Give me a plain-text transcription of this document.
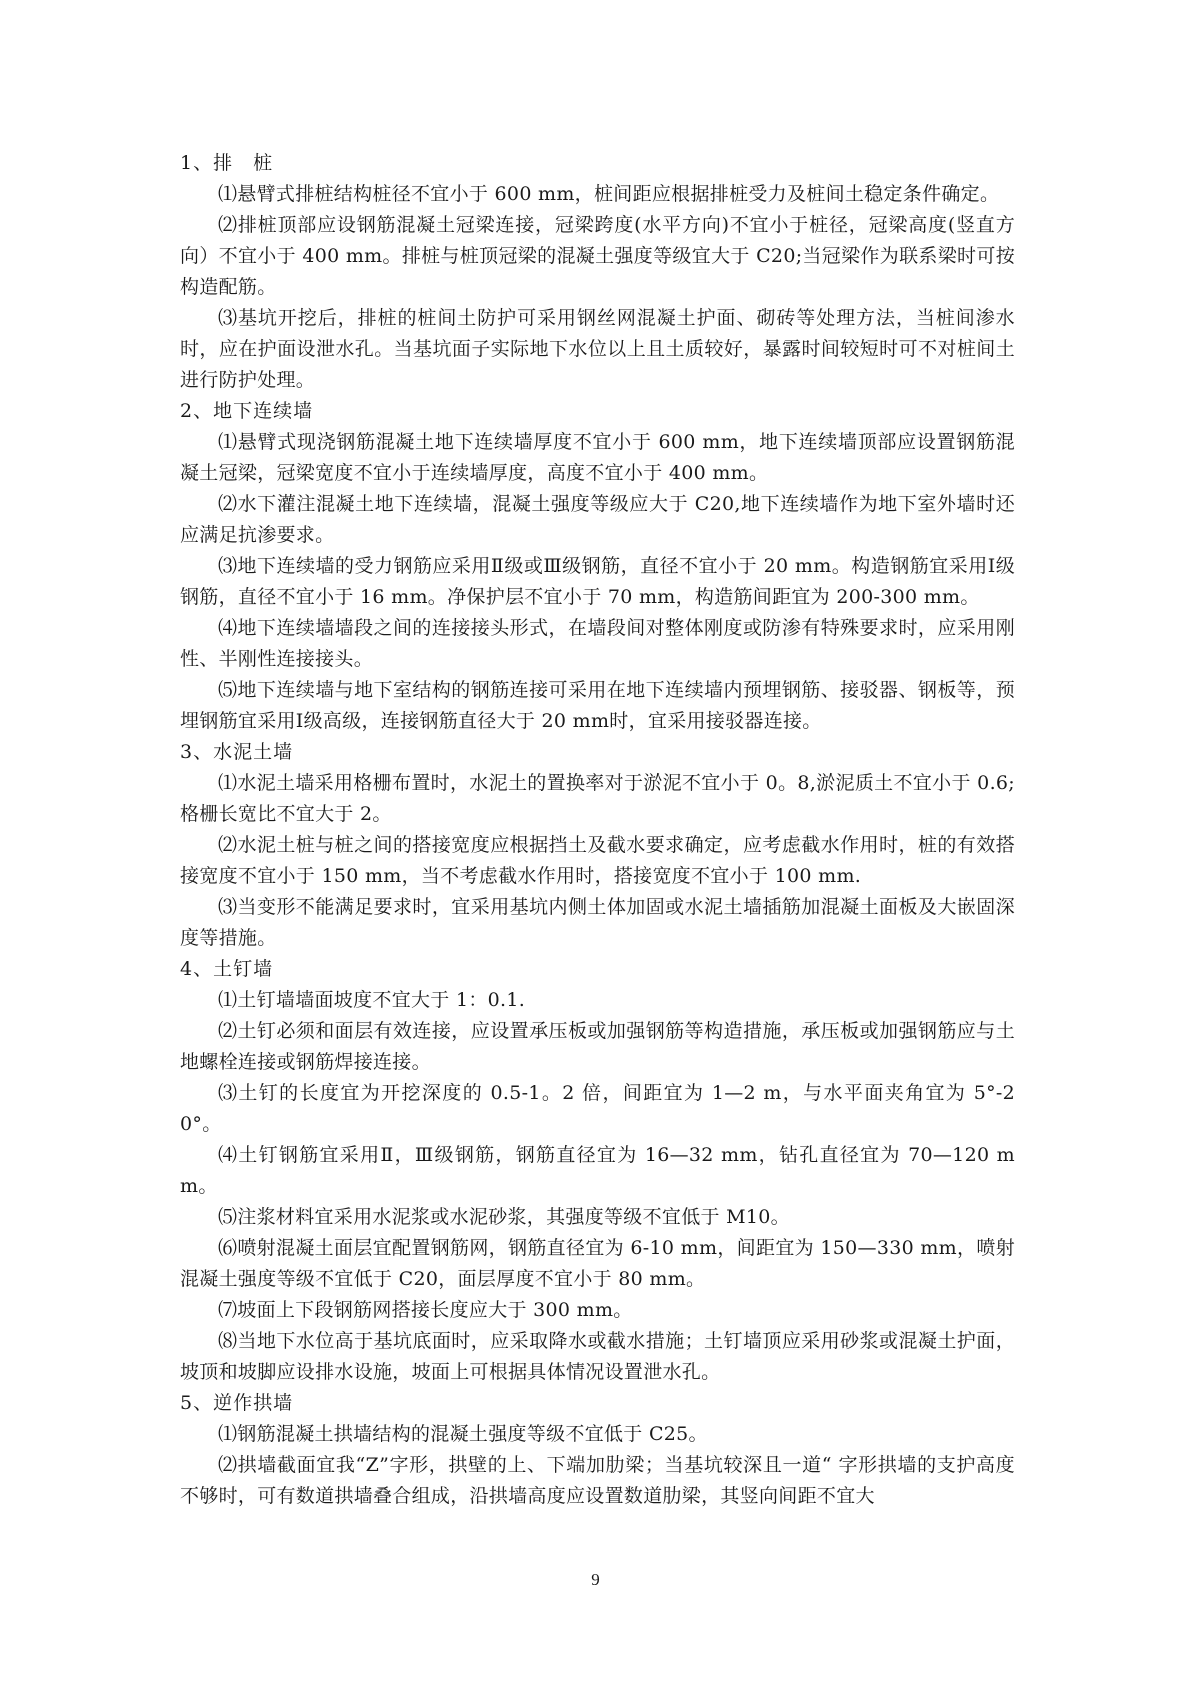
1、排　桩

⑴悬臂式排桩结构桩径不宜小于 600 mm，桩间距应根据排桩受力及桩间土稳定条件确定。

⑵排桩顶部应设钢筋混凝土冠梁连接，冠梁跨度(水平方向)不宜小于桩径，冠梁高度(竖直方向）不宜小于 400 mm。排桩与桩顶冠梁的混凝土强度等级宜大于 C20;当冠梁作为联系梁时可按构造配筋。

⑶基坑开挖后，排桩的桩间土防护可采用钢丝网混凝土护面、砌砖等处理方法，当桩间渗水时，应在护面设泄水孔。当基坑面子实际地下水位以上且土质较好，暴露时间较短时可不对桩间土进行防护处理。

2、地下连续墙

⑴悬臂式现浇钢筋混凝土地下连续墙厚度不宜小于 600 mm，地下连续墙顶部应设置钢筋混凝土冠梁，冠梁宽度不宜小于连续墙厚度，高度不宜小于 400 mm。

⑵水下灌注混凝土地下连续墙，混凝土强度等级应大于 C20,地下连续墙作为地下室外墙时还应满足抗渗要求。

⑶地下连续墙的受力钢筋应采用Ⅱ级或Ⅲ级钢筋，直径不宜小于 20 mm。构造钢筋宜采用Ⅰ级钢筋，直径不宜小于 16 mm。净保护层不宜小于 70 mm，构造筋间距宜为 200-300 mm。

⑷地下连续墙墙段之间的连接接头形式，在墙段间对整体刚度或防渗有特殊要求时，应采用刚性、半刚性连接接头。

⑸地下连续墙与地下室结构的钢筋连接可采用在地下连续墙内预埋钢筋、接驳器、钢板等，预埋钢筋宜采用Ⅰ级高级，连接钢筋直径大于 20 mm时，宜采用接驳器连接。

3、水泥土墙

⑴水泥土墙采用格栅布置时，水泥土的置换率对于淤泥不宜小于 0。8,淤泥质土不宜小于 0.6;格栅长宽比不宜大于 2。

⑵水泥土桩与桩之间的搭接宽度应根据挡土及截水要求确定，应考虑截水作用时，桩的有效搭接宽度不宜小于 150 mm，当不考虑截水作用时，搭接宽度不宜小于 100 mm.

⑶当变形不能满足要求时，宜采用基坑内侧土体加固或水泥土墙插筋加混凝土面板及大嵌固深度等措施。

4、土钉墙

⑴土钉墙墙面坡度不宜大于 1：0.1.

⑵土钉必须和面层有效连接，应设置承压板或加强钢筋等构造措施，承压板或加强钢筋应与土地螺栓连接或钢筋焊接连接。

⑶土钉的长度宜为开挖深度的 0.5-1。2 倍，间距宜为 1—2 m，与水平面夹角宜为 5°-20°。

⑷土钉钢筋宜采用Ⅱ，Ⅲ级钢筋，钢筋直径宜为 16—32 mm，钻孔直径宜为 70—120 mm。

⑸注浆材料宜采用水泥浆或水泥砂浆，其强度等级不宜低于 M10。

⑹喷射混凝土面层宜配置钢筋网，钢筋直径宜为 6-10 mm，间距宜为 150—330 mm，喷射混凝土强度等级不宜低于 C20，面层厚度不宜小于 80 mm。

⑺坡面上下段钢筋网搭接长度应大于 300 mm。

⑻当地下水位高于基坑底面时，应采取降水或截水措施；土钉墙顶应采用砂浆或混凝土护面，坡顶和坡脚应设排水设施，坡面上可根据具体情况设置泄水孔。

5、逆作拱墙

⑴钢筋混凝土拱墙结构的混凝土强度等级不宜低于 C25。

⑵拱墙截面宜我“Z”字形，拱壁的上、下端加肋梁；当基坑较深且一道“ 字形拱墙的支护高度不够时，可有数道拱墙叠合组成，沿拱墙高度应设置数道肋梁，其竖向间距不宜大

9
